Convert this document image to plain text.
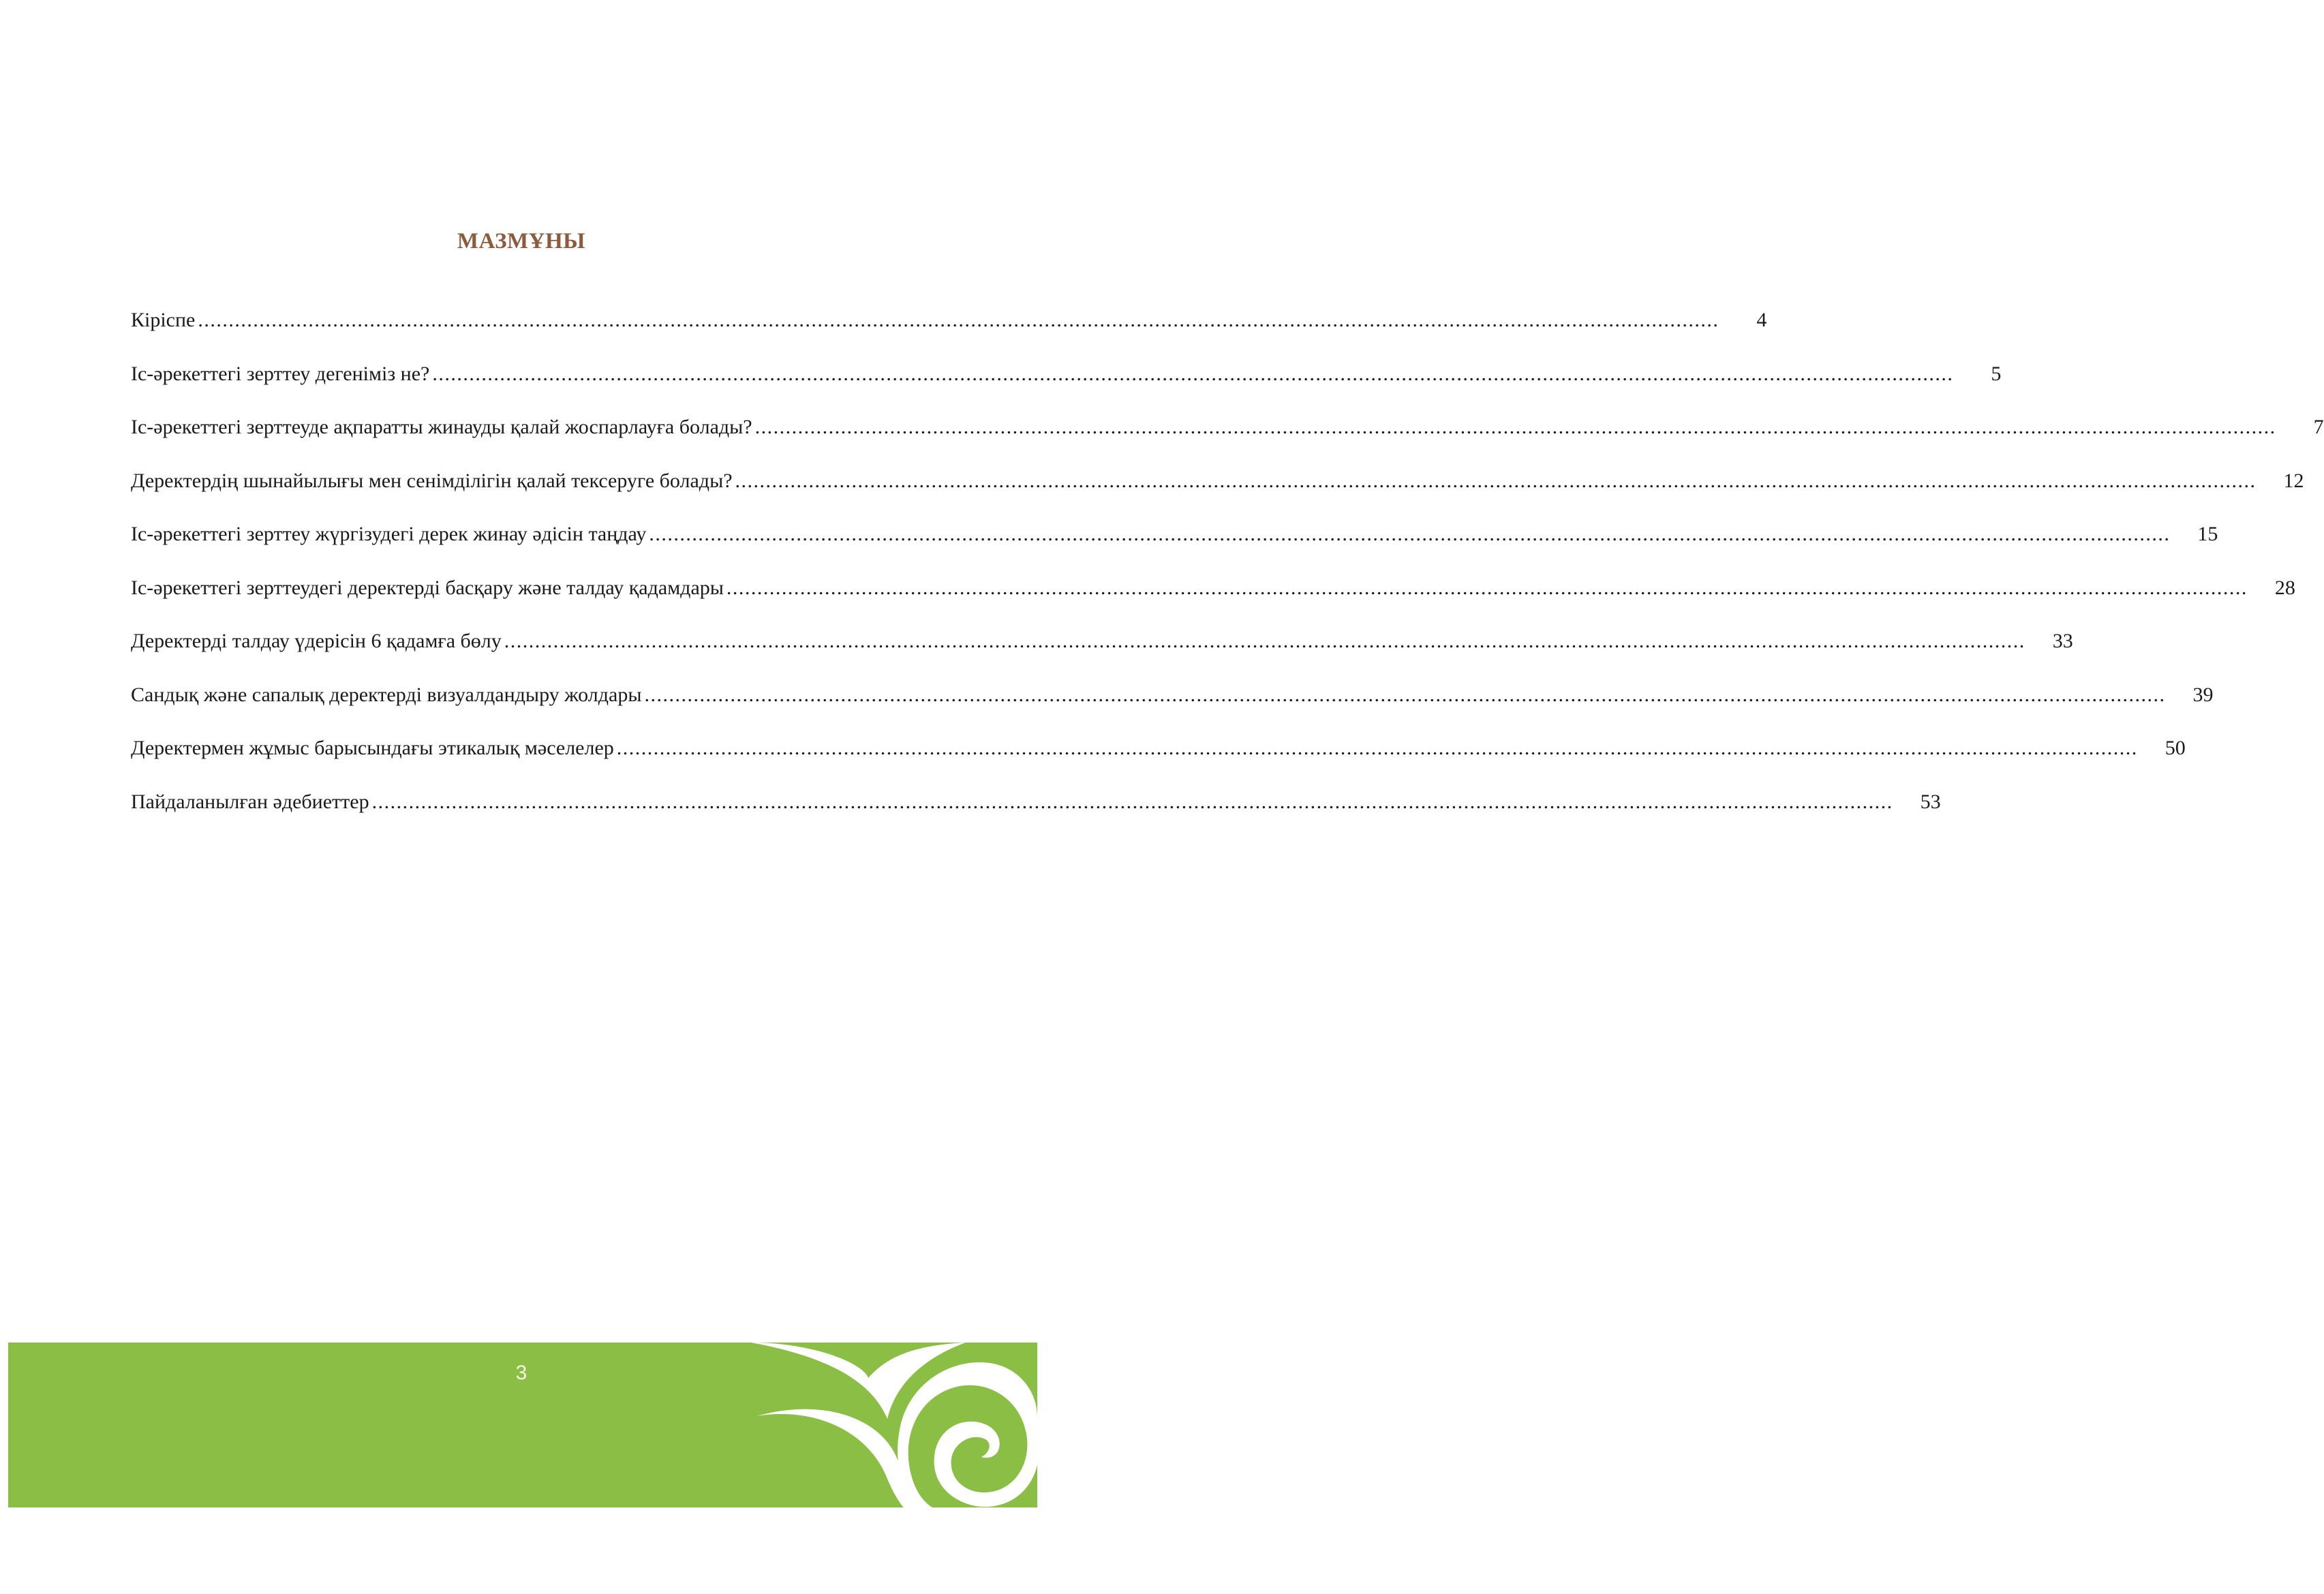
МАЗМҰНЫ
Кіріспе ........................................................................................................................................................................................................................................................	4
Іс-әрекеттегі зерттеу дегеніміз не? ........................................................................................................................................................................................................................................................	5
Іс-әрекеттегі зерттеуде ақпаратты жинауды қалай жоспарлауға болады? ........................................................................................................................................................................................................................................................	7
Деректердің шынайылығы мен сенімділігін қалай тексеруге болады? ........................................................................................................................................................................................................................................................	12
Іс-әрекеттегі зерттеу жүргізудегі дерек жинау әдісін таңдау ........................................................................................................................................................................................................................................................	15
Іс-әрекеттегі зерттеудегі деректерді басқару және талдау қадамдары ........................................................................................................................................................................................................................................................	28
Деректерді талдау үдерісін 6 қадамға бөлу ........................................................................................................................................................................................................................................................	33
Сандық және сапалық деректерді визуалдандыру жолдары ........................................................................................................................................................................................................................................................	39
Деректермен жұмыс барысындағы этикалық мәселелер ........................................................................................................................................................................................................................................................	50
Пайдаланылған әдебиеттер ........................................................................................................................................................................................................................................................	53
3
